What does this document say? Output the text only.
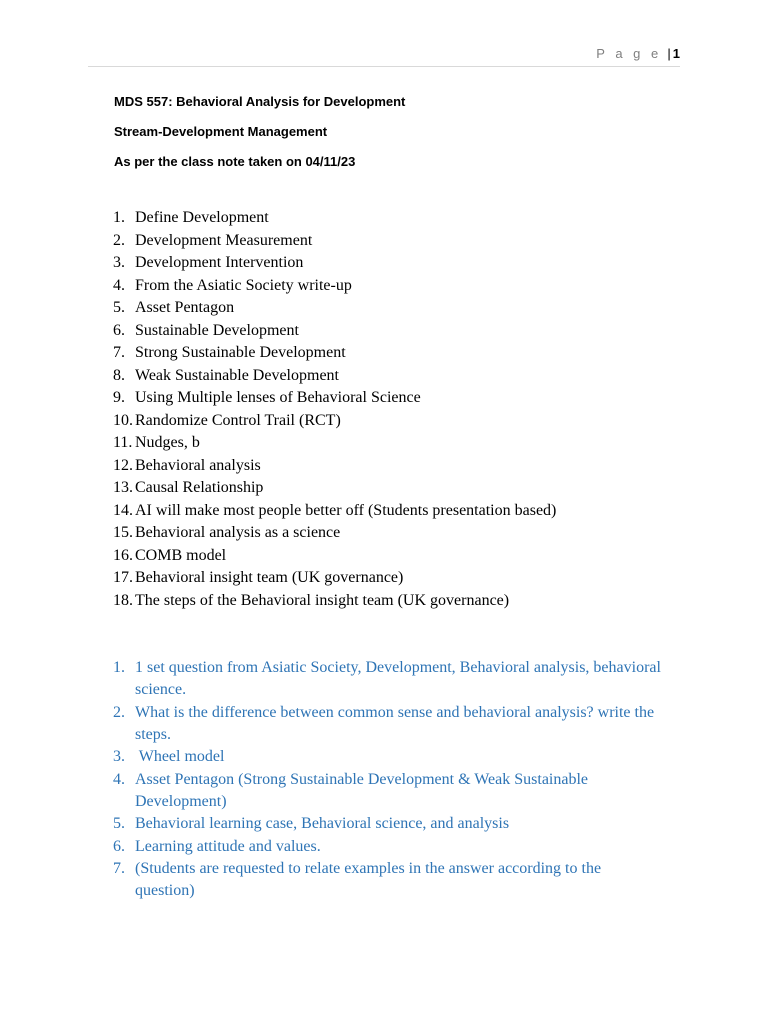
P a g e | 1
MDS 557: Behavioral Analysis for Development
Stream-Development Management
As per the class note taken on 04/11/23
1. Define Development
2. Development Measurement
3. Development Intervention
4. From the Asiatic Society write-up
5. Asset Pentagon
6. Sustainable Development
7. Strong Sustainable Development
8. Weak Sustainable Development
9. Using Multiple lenses of Behavioral Science
10. Randomize Control Trail (RCT)
11. Nudges, b
12. Behavioral analysis
13. Causal Relationship
14. AI will make most people better off (Students presentation based)
15. Behavioral analysis as a science
16. COMB model
17. Behavioral insight team (UK governance)
18. The steps of the Behavioral insight team (UK governance)
1. 1 set question from Asiatic Society, Development, Behavioral analysis, behavioral science.
2. What is the difference between common sense and behavioral analysis? write the steps.
3. Wheel model
4. Asset Pentagon (Strong Sustainable Development & Weak Sustainable Development)
5. Behavioral learning case, Behavioral science, and analysis
6. Learning attitude and values.
7. (Students are requested to relate examples in the answer according to the question)
